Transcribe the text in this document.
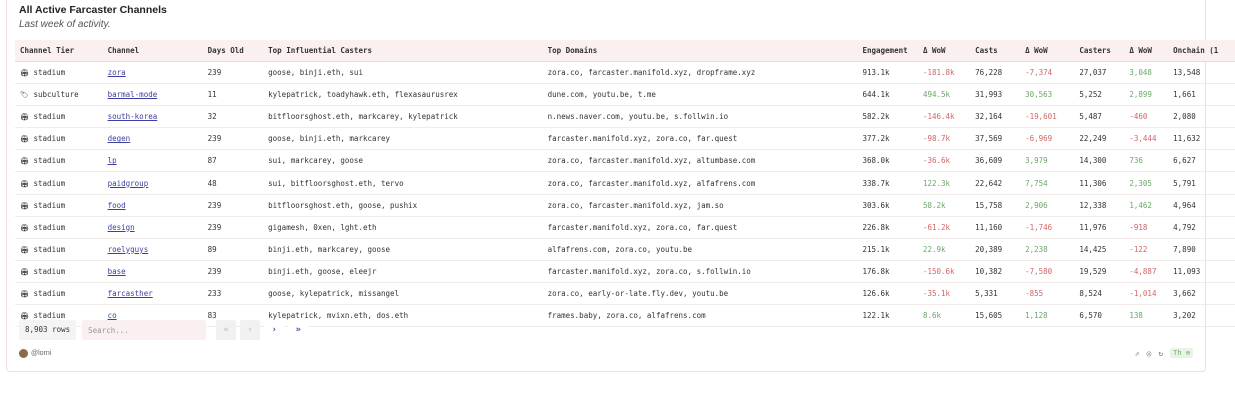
All Active Farcaster Channels
Last week of activity.
Channel Tier	Channel	Days Old	Top Influential Casters	Top Domains	Engagement	Δ WoW	Casts	Δ WoW	Casters	Δ WoW	Onchain (1
🏟 stadium	zora	239	goose, binji.eth, sui	zora.co, farcaster.manifold.xyz, dropframe.xyz	913.1k	-181.8k	76,228	-7,374	27,037	3,048	13,548
🏷 subculture	barmal-mode	11	kylepatrick, toadyhawk.eth, flexasaurusrex	dune.com, youtu.be, t.me	644.1k	494.5k	31,993	30,563	5,252	2,899	1,661
🏟 stadium	south-korea	32	bitfloorsghost.eth, markcarey, kylepatrick	n.news.naver.com, youtu.be, s.follwin.io	582.2k	-146.4k	32,164	-19,601	5,487	-460	2,080
🏟 stadium	degen	239	goose, binji.eth, markcarey	farcaster.manifold.xyz, zora.co, far.quest	377.2k	-98.7k	37,569	-6,969	22,249	-3,444	11,632
🏟 stadium	lp	87	sui, markcarey, goose	zora.co, farcaster.manifold.xyz, altumbase.com	368.0k	-36.6k	36,609	3,979	14,300	736	6,627
🏟 stadium	paidgroup	48	sui, bitfloorsghost.eth, tervo	zora.co, farcaster.manifold.xyz, alfafrens.com	338.7k	122.3k	22,642	7,754	11,306	2,305	5,791
🏟 stadium	food	239	bitfloorsghost.eth, goose, pushix	zora.co, farcaster.manifold.xyz, jam.so	303.6k	58.2k	15,758	2,906	12,338	1,462	4,964
🏟 stadium	design	239	gigamesh, 0xen, lght.eth	farcaster.manifold.xyz, zora.co, far.quest	226.8k	-61.2k	11,160	-1,746	11,976	-918	4,792
🏟 stadium	roelyguys	89	binji.eth, markcarey, goose	alfafrens.com, zora.co, youtu.be	215.1k	22.9k	20,389	2,238	14,425	-122	7,890
🏟 stadium	base	239	binji.eth, goose, eleejr	farcaster.manifold.xyz, zora.co, s.follwin.io	176.8k	-150.6k	10,382	-7,580	19,529	-4,887	11,093
🏟 stadium	farcasther	233	goose, kylepatrick, missangel	zora.co, early-or-late.fly.dev, youtu.be	126.6k	-35.1k	5,331	-855	8,524	-1,014	3,662
🏟 stadium	co	83	kylepatrick, mvixn.eth, dos.eth	frames.baby, zora.co, alfafrens.com	122.1k	8.6k	15,605	1,128	6,570	138	3,202
8,903 rows
Search...	«	‹	›	»
@lorni	⇗ ◎ ↻	Th ⊕
